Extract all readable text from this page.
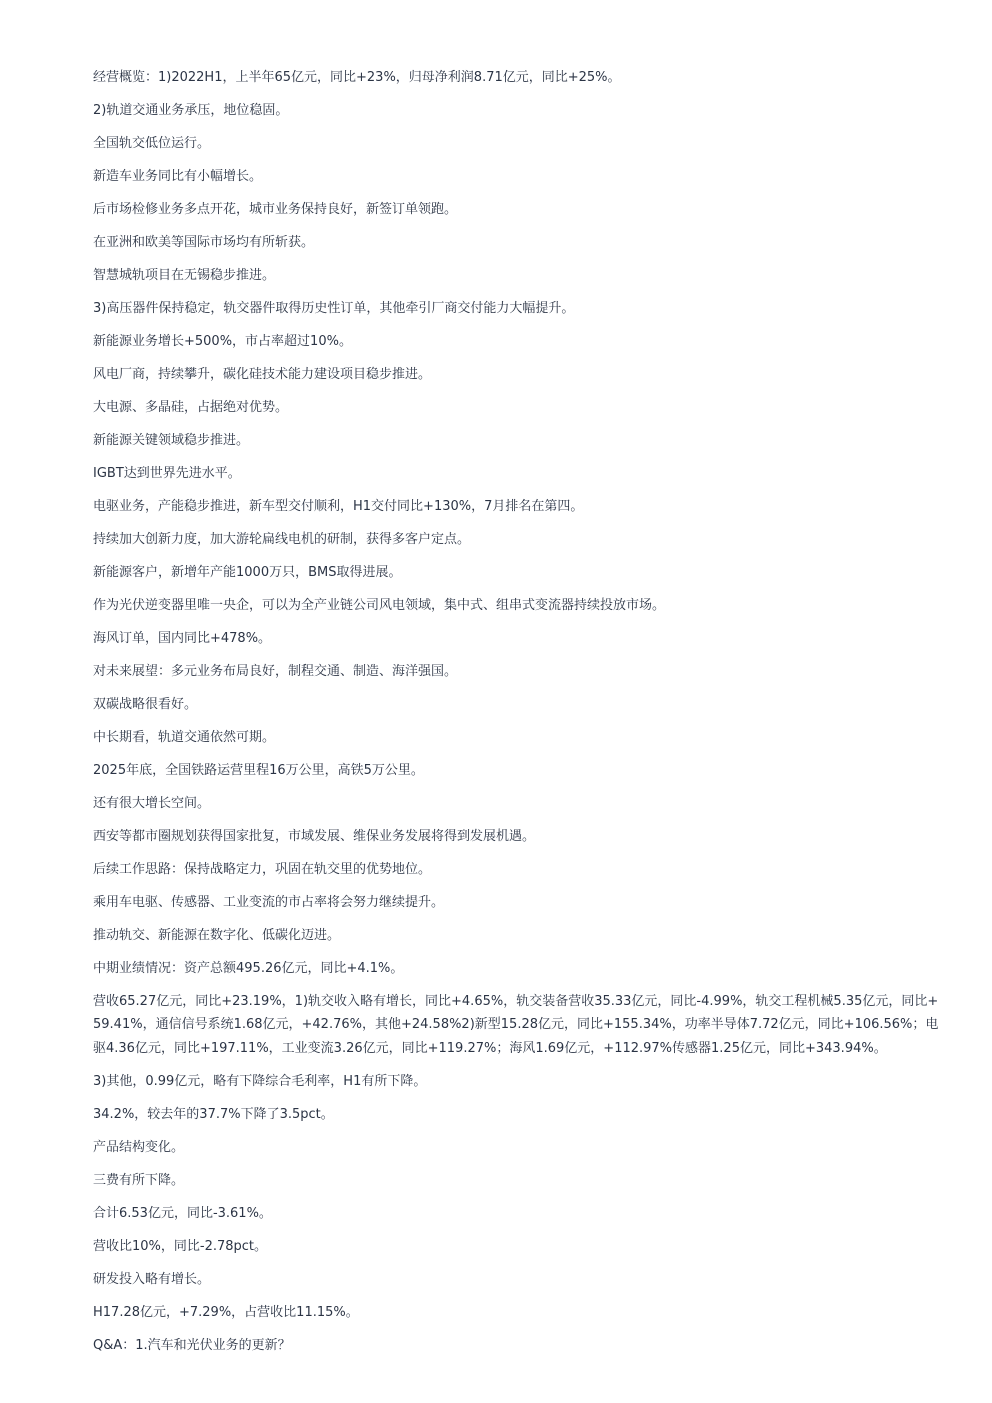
经营概览：1)2022H1，上半年65亿元，同比+23%，归母净利润8.71亿元，同比+25%。

2)轨道交通业务承压，地位稳固。

全国轨交低位运行。

新造车业务同比有小幅增长。

后市场检修业务多点开花，城市业务保持良好，新签订单领跑。

在亚洲和欧美等国际市场均有所斩获。

智慧城轨项目在无锡稳步推进。

3)高压器件保持稳定，轨交器件取得历史性订单，其他牵引厂商交付能力大幅提升。

新能源业务增长+500%，市占率超过10%。

风电厂商，持续攀升，碳化硅技术能力建设项目稳步推进。

大电源、多晶硅，占据绝对优势。

新能源关键领域稳步推进。

IGBT达到世界先进水平。

电驱业务，产能稳步推进，新车型交付顺利，H1交付同比+130%，7月排名在第四。

持续加大创新力度，加大游轮扁线电机的研制，获得多客户定点。

新能源客户，新增年产能1000万只，BMS取得进展。

作为光伏逆变器里唯一央企，可以为全产业链公司风电领域，集中式、组串式变流器持续投放市场。

海风订单，国内同比+478%。

对未来展望：多元业务布局良好，制程交通、制造、海洋强国。

双碳战略很看好。

中长期看，轨道交通依然可期。

2025年底，全国铁路运营里程16万公里，高铁5万公里。

还有很大增长空间。

西安等都市圈规划获得国家批复，市域发展、维保业务发展将得到发展机遇。

后续工作思路：保持战略定力，巩固在轨交里的优势地位。

乘用车电驱、传感器、工业变流的市占率将会努力继续提升。

推动轨交、新能源在数字化、低碳化迈进。

中期业绩情况：资产总额495.26亿元，同比+4.1%。

营收65.27亿元，同比+23.19%，1)轨交收入略有增长，同比+4.65%，轨交装备营收35.33亿元，同比-4.99%，轨交工程机械5.35亿元，同比+59.41%，通信信号系统1.68亿元，+42.76%，其他+24.58%2)新型15.28亿元，同比+155.34%，功率半导体7.72亿元，同比+106.56%；电驱4.36亿元，同比+197.11%，工业变流3.26亿元，同比+119.27%；海风1.69亿元，+112.97%传感器1.25亿元，同比+343.94%。

3)其他，0.99亿元，略有下降综合毛利率，H1有所下降。

34.2%，较去年的37.7%下降了3.5pct。

产品结构变化。

三费有所下降。

合计6.53亿元，同比-3.61%。

营收比10%，同比-2.78pct。

研发投入略有增长。

H17.28亿元，+7.29%，占营收比11.15%。

Q&A：1.汽车和光伏业务的更新？
